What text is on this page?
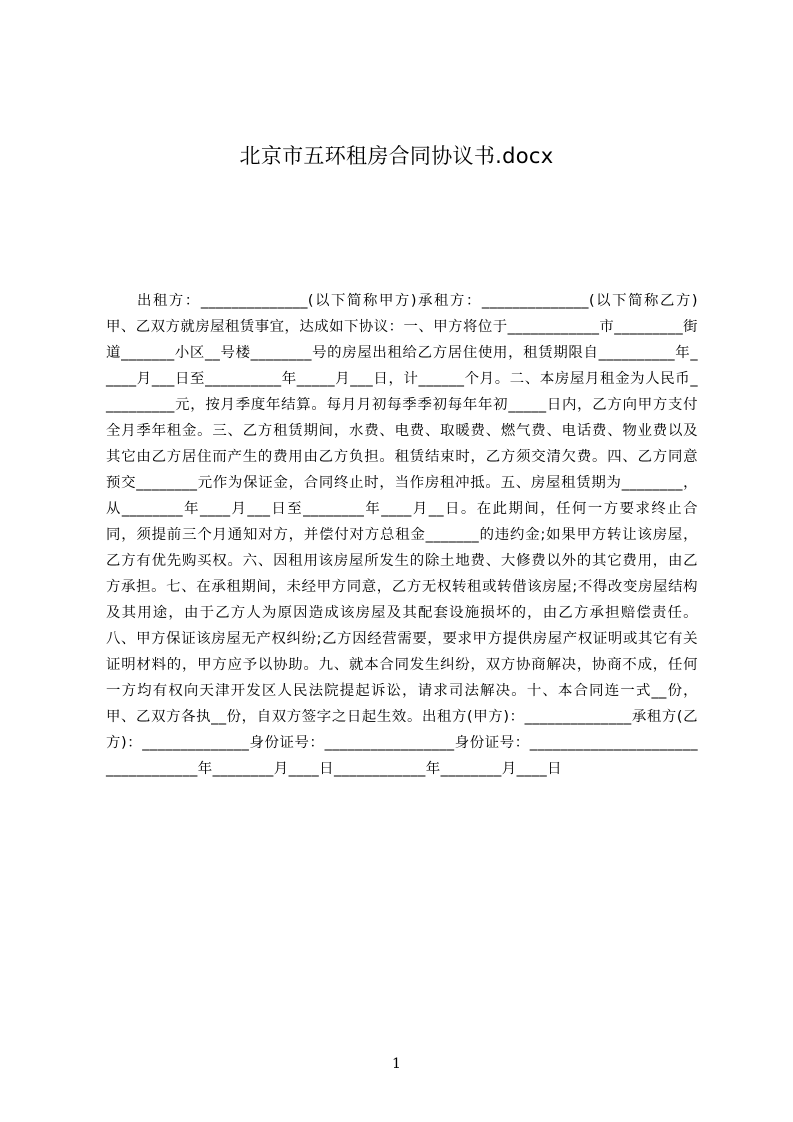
北京市五环租房合同协议书.docx

出租方：______________(以下简称甲方)承租方：______________(以下简称乙方)甲、乙双方就房屋租赁事宜，达成如下协议：一、甲方将位于____________市_________街道_______小区__号楼________号的房屋出租给乙方居住使用，租赁期限自__________年_____月___日至__________年_____月___日，计______个月。二、本房屋月租金为人民币__________元，按月季度年结算。每月月初每季季初每年年初_____日内，乙方向甲方支付全月季年租金。三、乙方租赁期间，水费、电费、取暖费、燃气费、电话费、物业费以及其它由乙方居住而产生的费用由乙方负担。租赁结束时，乙方须交清欠费。四、乙方同意预交________元作为保证金，合同终止时，当作房租冲抵。五、房屋租赁期为________，从________年____月___日至________年____月__日。在此期间，任何一方要求终止合同，须提前三个月通知对方，并偿付对方总租金_______的违约金;如果甲方转让该房屋，乙方有优先购买权。六、因租用该房屋所发生的除土地费、大修费以外的其它费用，由乙方承担。七、在承租期间，未经甲方同意，乙方无权转租或转借该房屋;不得改变房屋结构及其用途，由于乙方人为原因造成该房屋及其配套设施损坏的，由乙方承担赔偿责任。八、甲方保证该房屋无产权纠纷;乙方因经营需要，要求甲方提供房屋产权证明或其它有关证明材料的，甲方应予以协助。九、就本合同发生纠纷，双方协商解决，协商不成，任何一方均有权向天津开发区人民法院提起诉讼，请求司法解决。十、本合同连一式__份，甲、乙双方各执__份，自双方签字之日起生效。出租方(甲方)：______________承租方(乙方)：______________身份证号：_________________身份证号：__________________________________年________月____日____________年________月____日

1
